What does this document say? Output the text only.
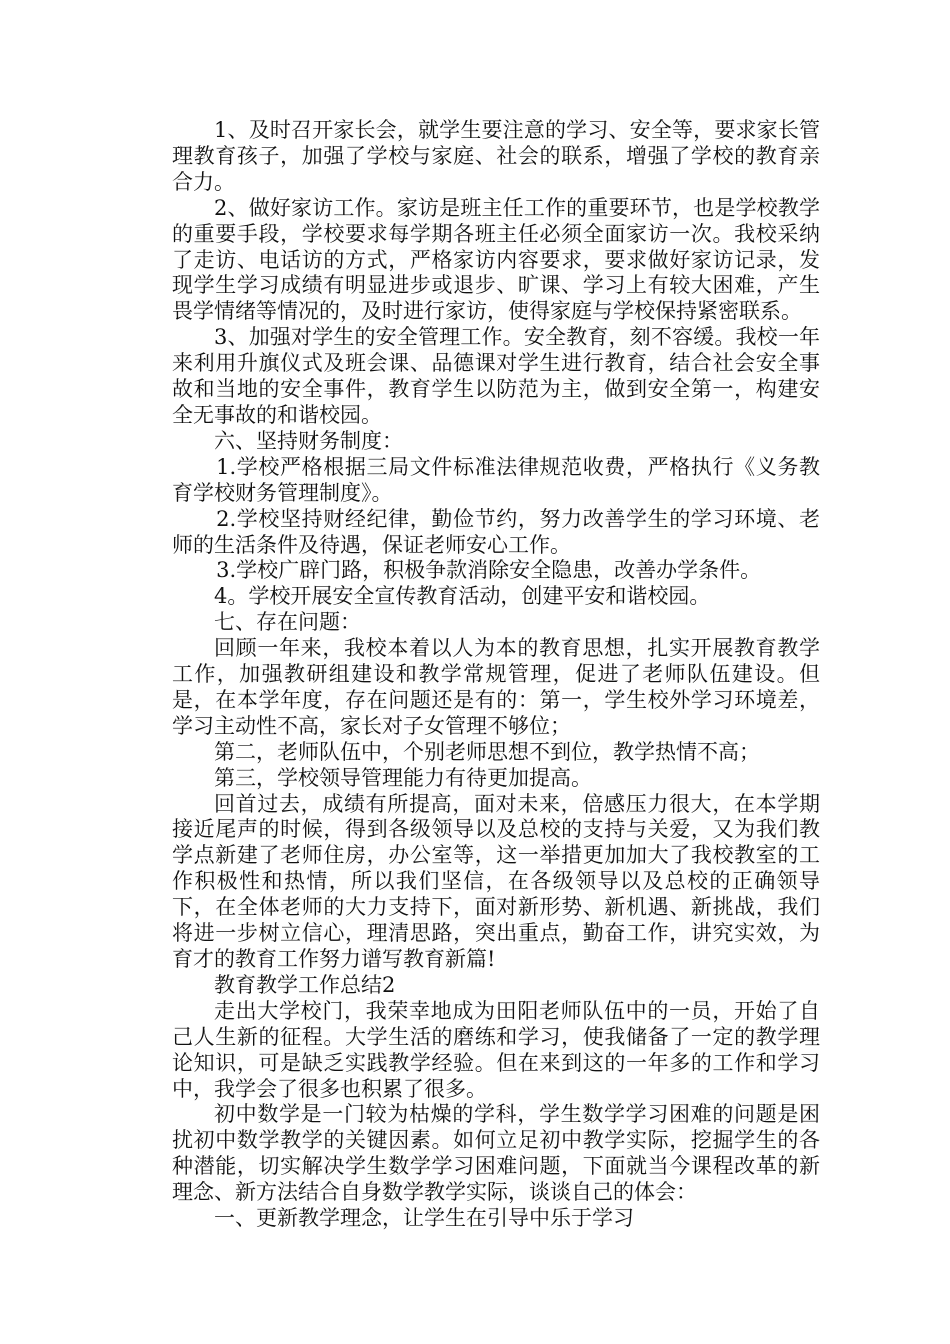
1、及时召开家长会，就学生要注意的学习、安全等，要求家长管理教育孩子，加强了学校与家庭、社会的联系，增强了学校的教育亲合力。

2、做好家访工作。家访是班主任工作的重要环节，也是学校教学的重要手段，学校要求每学期各班主任必须全面家访一次。我校采纳了走访、电话访的方式，严格家访内容要求，要求做好家访记录，发现学生学习成绩有明显进步或退步、旷课、学习上有较大困难，产生畏学情绪等情况的，及时进行家访，使得家庭与学校保持紧密联系。

3、加强对学生的安全管理工作。安全教育，刻不容缓。我校一年来利用升旗仪式及班会课、品德课对学生进行教育，结合社会安全事故和当地的安全事件，教育学生以防范为主，做到安全第一，构建安全无事故的和谐校园。

六、坚持财务制度：

1.学校严格根据三局文件标准法律规范收费，严格执行《义务教育学校财务管理制度》。

2.学校坚持财经纪律，勤俭节约，努力改善学生的学习环境、老师的生活条件及待遇，保证老师安心工作。

3.学校广辟门路，积极争款消除安全隐患，改善办学条件。

4。学校开展安全宣传教育活动，创建平安和谐校园。

七、存在问题：

回顾一年来，我校本着以人为本的教育思想，扎实开展教育教学工作，加强教研组建设和教学常规管理，促进了老师队伍建设。但是，在本学年度，存在问题还是有的：第一，学生校外学习环境差，学习主动性不高，家长对子女管理不够位；

第二，老师队伍中，个别老师思想不到位，教学热情不高；

第三，学校领导管理能力有待更加提高。

回首过去，成绩有所提高，面对未来，倍感压力很大，在本学期接近尾声的时候，得到各级领导以及总校的支持与关爱，又为我们教学点新建了老师住房，办公室等，这一举措更加加大了我校教室的工作积极性和热情，所以我们坚信，在各级领导以及总校的正确领导下，在全体老师的大力支持下，面对新形势、新机遇、新挑战，我们将进一步树立信心，理清思路，突出重点，勤奋工作，讲究实效，为育才的教育工作努力谱写教育新篇!

教育教学工作总结2

走出大学校门，我荣幸地成为田阳老师队伍中的一员，开始了自己人生新的征程。大学生活的磨练和学习，使我储备了一定的教学理论知识，可是缺乏实践教学经验。但在来到这的一年多的工作和学习中，我学会了很多也积累了很多。

初中数学是一门较为枯燥的学科，学生数学学习困难的问题是困扰初中数学教学的关键因素。如何立足初中教学实际，挖掘学生的各种潜能，切实解决学生数学学习困难问题，下面就当今课程改革的新理念、新方法结合自身数学教学实际，谈谈自己的体会：

一、更新教学理念，让学生在引导中乐于学习
